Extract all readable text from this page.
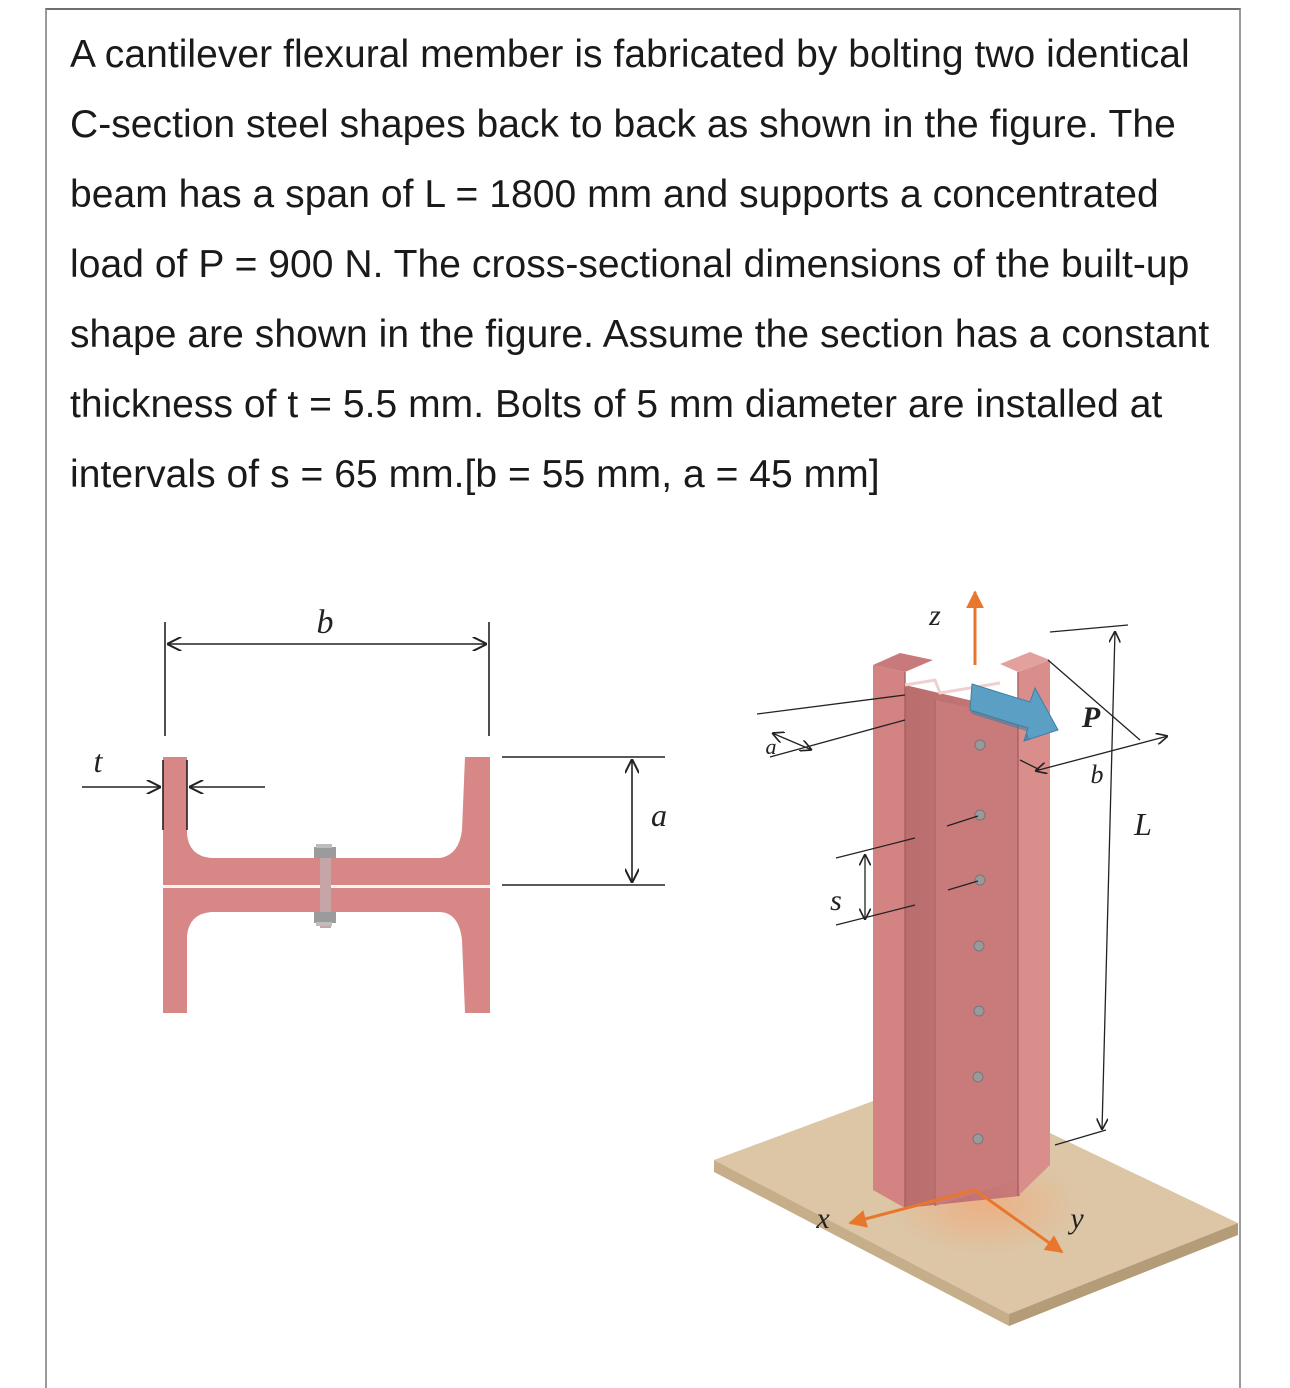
A cantilever flexural member is fabricated by bolting two identical C-section steel shapes back to back as shown in the figure. The beam has a span of L = 1800 mm and supports a concentrated load of P = 900 N. The cross-sectional dimensions of the built-up shape are shown in the figure. Assume the section has a constant thickness of t = 5.5 mm. Bolts of 5 mm diameter are installed at intervals of s = 65 mm.[b = 55 mm, a = 45 mm]

b
t
a
z
P
a
b
L
s
x	y
